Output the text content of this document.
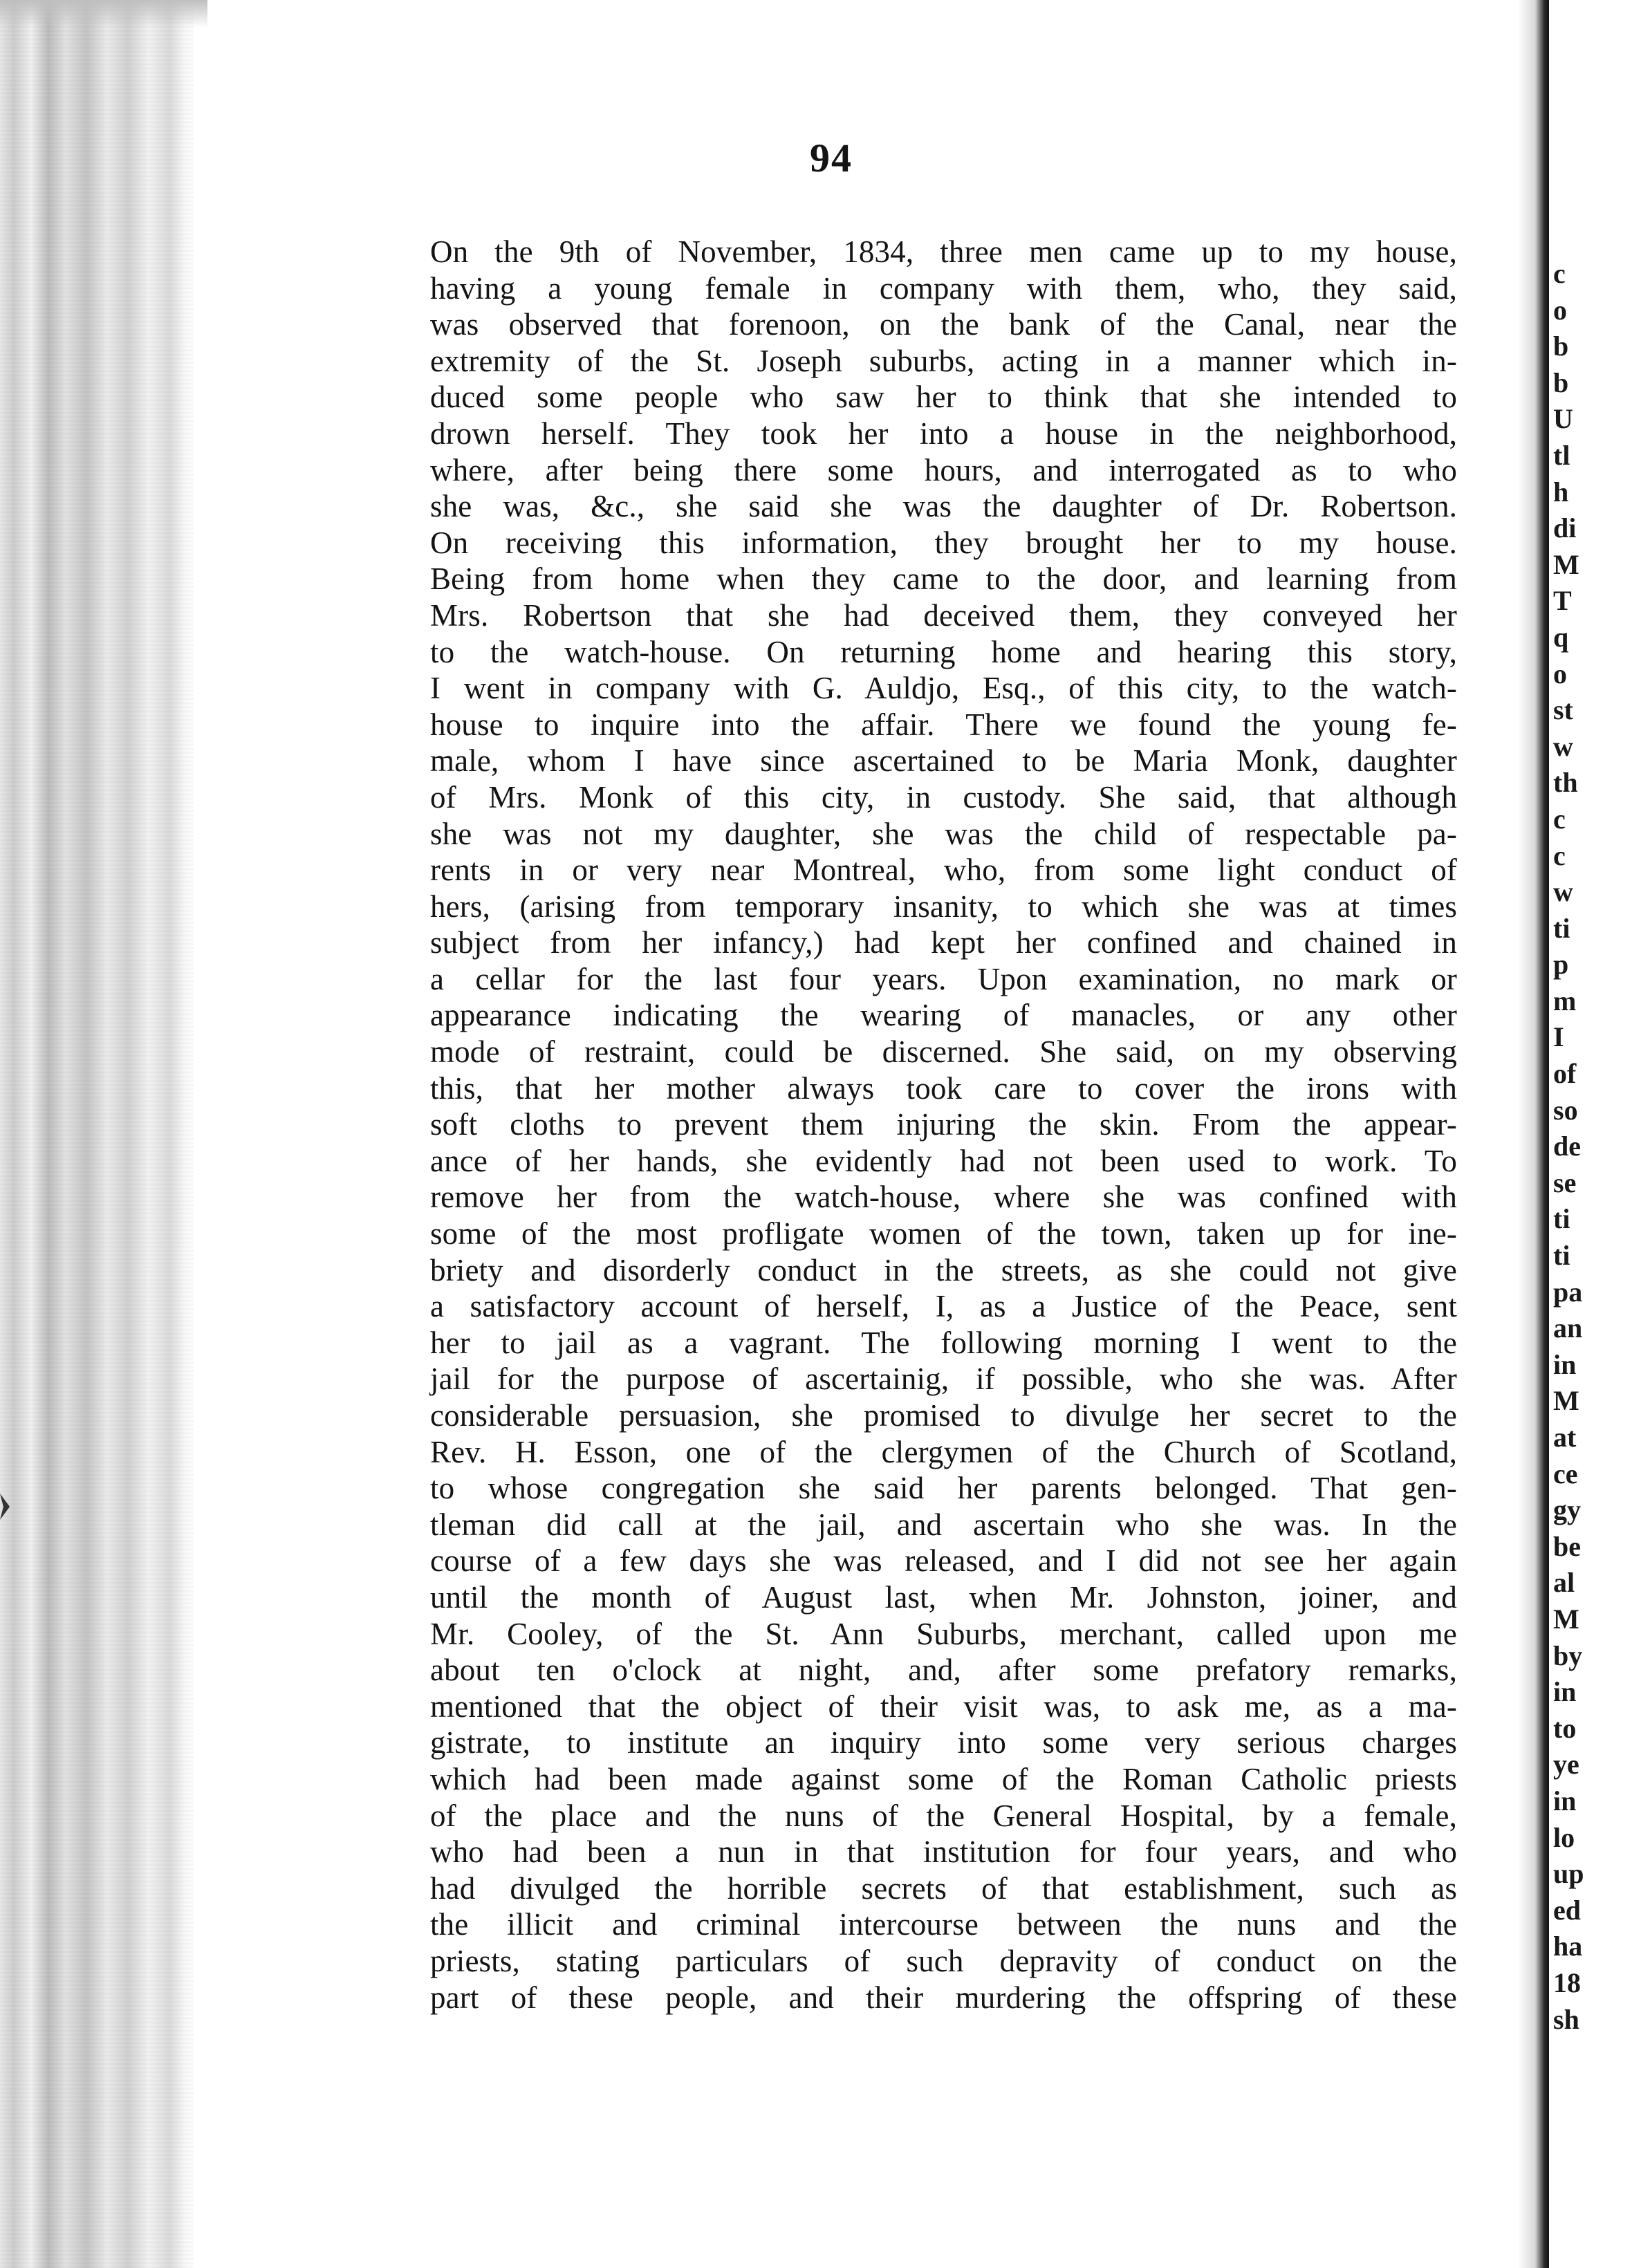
94
On the 9th of November, 1834, three men came up to my house,
having a young female in company with them, who, they said,
was observed that forenoon, on the bank of the Canal, near the
extremity of the St. Joseph suburbs, acting in a manner which in-
duced some people who saw her to think that she intended to
drown herself. They took her into a house in the neighborhood,
where, after being there some hours, and interrogated as to who
she was, &c., she said she was the daughter of Dr. Robertson.
On receiving this information, they brought her to my house.
Being from home when they came to the door, and learning from
Mrs. Robertson that she had deceived them, they conveyed her
to the watch-house. On returning home and hearing this story,
I went in company with G. Auldjo, Esq., of this city, to the watch-
house to inquire into the affair. There we found the young fe-
male, whom I have since ascertained to be Maria Monk, daughter
of Mrs. Monk of this city, in custody. She said, that although
she was not my daughter, she was the child of respectable pa-
rents in or very near Montreal, who, from some light conduct of
hers, (arising from temporary insanity, to which she was at times
subject from her infancy,) had kept her confined and chained in
a cellar for the last four years. Upon examination, no mark or
appearance indicating the wearing of manacles, or any other
mode of restraint, could be discerned. She said, on my observing
this, that her mother always took care to cover the irons with
soft cloths to prevent them injuring the skin. From the appear-
ance of her hands, she evidently had not been used to work. To
remove her from the watch-house, where she was confined with
some of the most profligate women of the town, taken up for ine-
briety and disorderly conduct in the streets, as she could not give
a satisfactory account of herself, I, as a Justice of the Peace, sent
her to jail as a vagrant. The following morning I went to the
jail for the purpose of ascertainig, if possible, who she was. After
considerable persuasion, she promised to divulge her secret to the
Rev. H. Esson, one of the clergymen of the Church of Scotland,
to whose congregation she said her parents belonged. That gen-
tleman did call at the jail, and ascertain who she was. In the
course of a few days she was released, and I did not see her again
until the month of August last, when Mr. Johnston, joiner, and
Mr. Cooley, of the St. Ann Suburbs, merchant, called upon me
about ten o'clock at night, and, after some prefatory remarks,
mentioned that the object of their visit was, to ask me, as a ma-
gistrate, to institute an inquiry into some very serious charges
which had been made against some of the Roman Catholic priests
of the place and the nuns of the General Hospital, by a female,
who had been a nun in that institution for four years, and who
had divulged the horrible secrets of that establishment, such as
the illicit and criminal intercourse between the nuns and the
priests, stating particulars of such depravity of conduct on the
part of these people, and their murdering the offspring of these
c
o
b
b
U
tl
h
di
M
T
q
o
st
w
th
c
c
w
ti
p
m
I
of
so
de
se
ti
ti
pa
an
in
M
at
ce
gy
be
al
M
by
in
to
ye
in
lo
up
ed
ha
18
sh
